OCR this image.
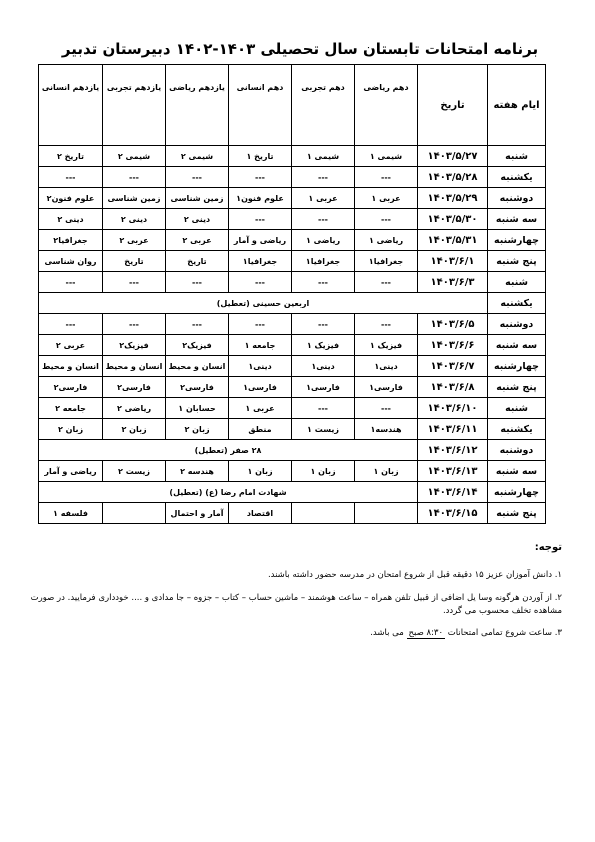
برنامه امتحانات تابستان سال تحصیلی ۱۴۰۳-۱۴۰۲ دبیرستان تدبیر
ایام هفته	تاریخ	دهم ریاضی	دهم تجربی	دهم انسانی	یازدهم ریاضی	یازدهم تجربی	یازدهم انسانی
شنبه	۱۴۰۳/۵/۲۷	شیمی ۱	شیمی ۱	تاریخ ۱	شیمی ۲	شیمی ۲	تاریخ ۲
یکشنبه	۱۴۰۳/۵/۲۸	---	---	---	---	---	---
دوشنبه	۱۴۰۳/۵/۲۹	عربی ۱	عربی ۱	علوم فنون۱	زمین شناسی	زمین شناسی	علوم فنون۲
سه شنبه	۱۴۰۳/۵/۳۰	---	---	---	دینی ۲	دینی ۲	دینی ۲
چهارشنبه	۱۴۰۳/۵/۳۱	ریاضی ۱	ریاضی ۱	ریاضی و آمار	عربی ۲	عربی ۲	جغرافیا۲
پنج شنبه	۱۴۰۳/۶/۱	جغرافیا۱	جغرافیا۱	جغرافیا۱	تاریخ	تاریخ	روان شناسی
شنبه	۱۴۰۳/۶/۳	---	---	---	---	---	---
یکشنبه	اربعین حسینی (تعطیل)						
دوشنبه	۱۴۰۳/۶/۵	---	---	---	---	---	---
سه شنبه	۱۴۰۳/۶/۶	فیزیک ۱	فیزیک ۱	جامعه ۱	فیزیک۲	فیزیک۲	عربی ۲
چهارشنبه	۱۴۰۳/۶/۷	دینی۱	دینی۱	دینی۱	انسان و محیط	انسان و محیط	انسان و محیط
پنج شنبه	۱۴۰۳/۶/۸	فارسی۱	فارسی۱	فارسی۱	فارسی۲	فارسی۲	فارسی۲
شنبه	۱۴۰۳/۶/۱۰	---	---	عربی ۱	حسابان ۱	ریاضی ۲	جامعه ۲
یکشنبه	۱۴۰۳/۶/۱۱	هندسه۱	زیست ۱	منطق	زبان ۲	زبان ۲	زبان ۲
دوشنبه	۱۴۰۳/۶/۱۲	۲۸ صفر (تعطیل)					
سه شنبه	۱۴۰۳/۶/۱۳	زبان ۱	زبان ۱	زبان ۱	هندسه ۲	زیست ۲	ریاضی و آمار
چهارشنبه	۱۴۰۳/۶/۱۴	شهادت امام رضا (ع) (تعطیل)					
پنج شنبه	۱۴۰۳/۶/۱۵			اقتصاد	آمار و احتمال		فلسفه ۱
توجه:
۱. دانش آموزان عزیز ۱۵ دقیقه قبل از شروع امتحان در مدرسه حضور داشته باشند.
۲. از آوردن هرگونه وسا یل اضافی از قبیل تلفن همراه – ساعت هوشمند – ماشین حساب – کتاب – جزوه – جا مدادی و .... خودداری فرمایید. در صورت مشاهده تخلف محسوب می گردد.
۳. ساعت شروع تمامی امتحانات ۸:۳۰ صبح می باشد.
